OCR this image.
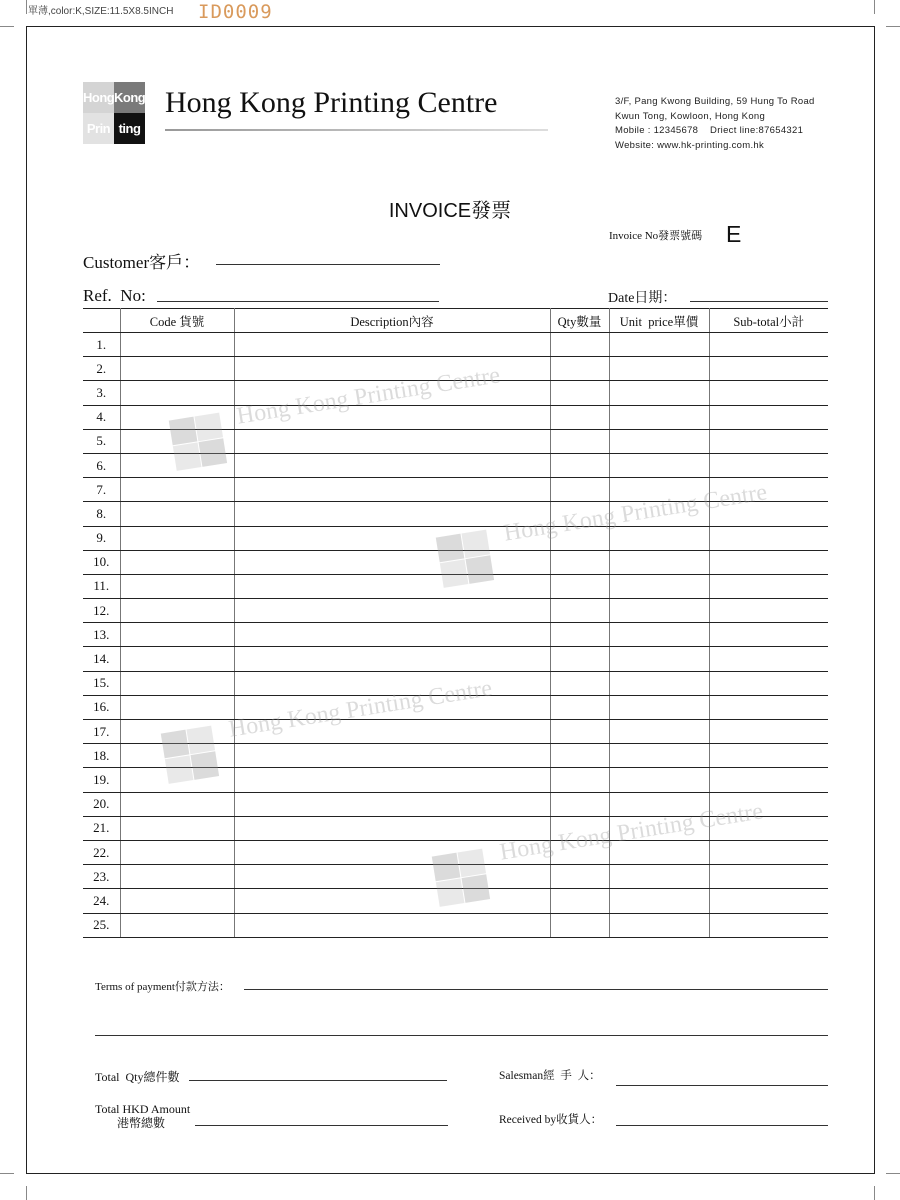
單薄,color:K,SIZE:11.5X8.5INCH ID0009
Hong Kong
Prin ting
Hong Kong Printing Centre	3/F, Pang Kwong Building, 59 Hung To Road
Kwun Tong, Kowloon, Hong Kong
Mobile : 12345678    Driect line:87654321
Website: www.hk-printing.com.hk
INVOICE發票
Invoice No發票號碼 E
Customer客戶：
Ref.  No:	Date日期：
	Code 貨號	Description內容	Qty數量	Unit  price單價	Sub-total小計
1.					
2.					
3.					
4.					
5.					
6.					
7.					
8.					
9.					
10.					
11.					
12.					
13.					
14.					
15.					
16.					
17.					
18.					
19.					
20.					
21.					
22.					
23.					
24.					
25.					
Hong Kong Printing Centre
Hong Kong Printing Centre
Hong Kong Printing Centre
Hong Kong Printing Centre
Terms of payment付款方法：
Total  Qty總件數
Total HKD Amount
港幣總數
Salesman經  手  人：
Received by收貨人：
